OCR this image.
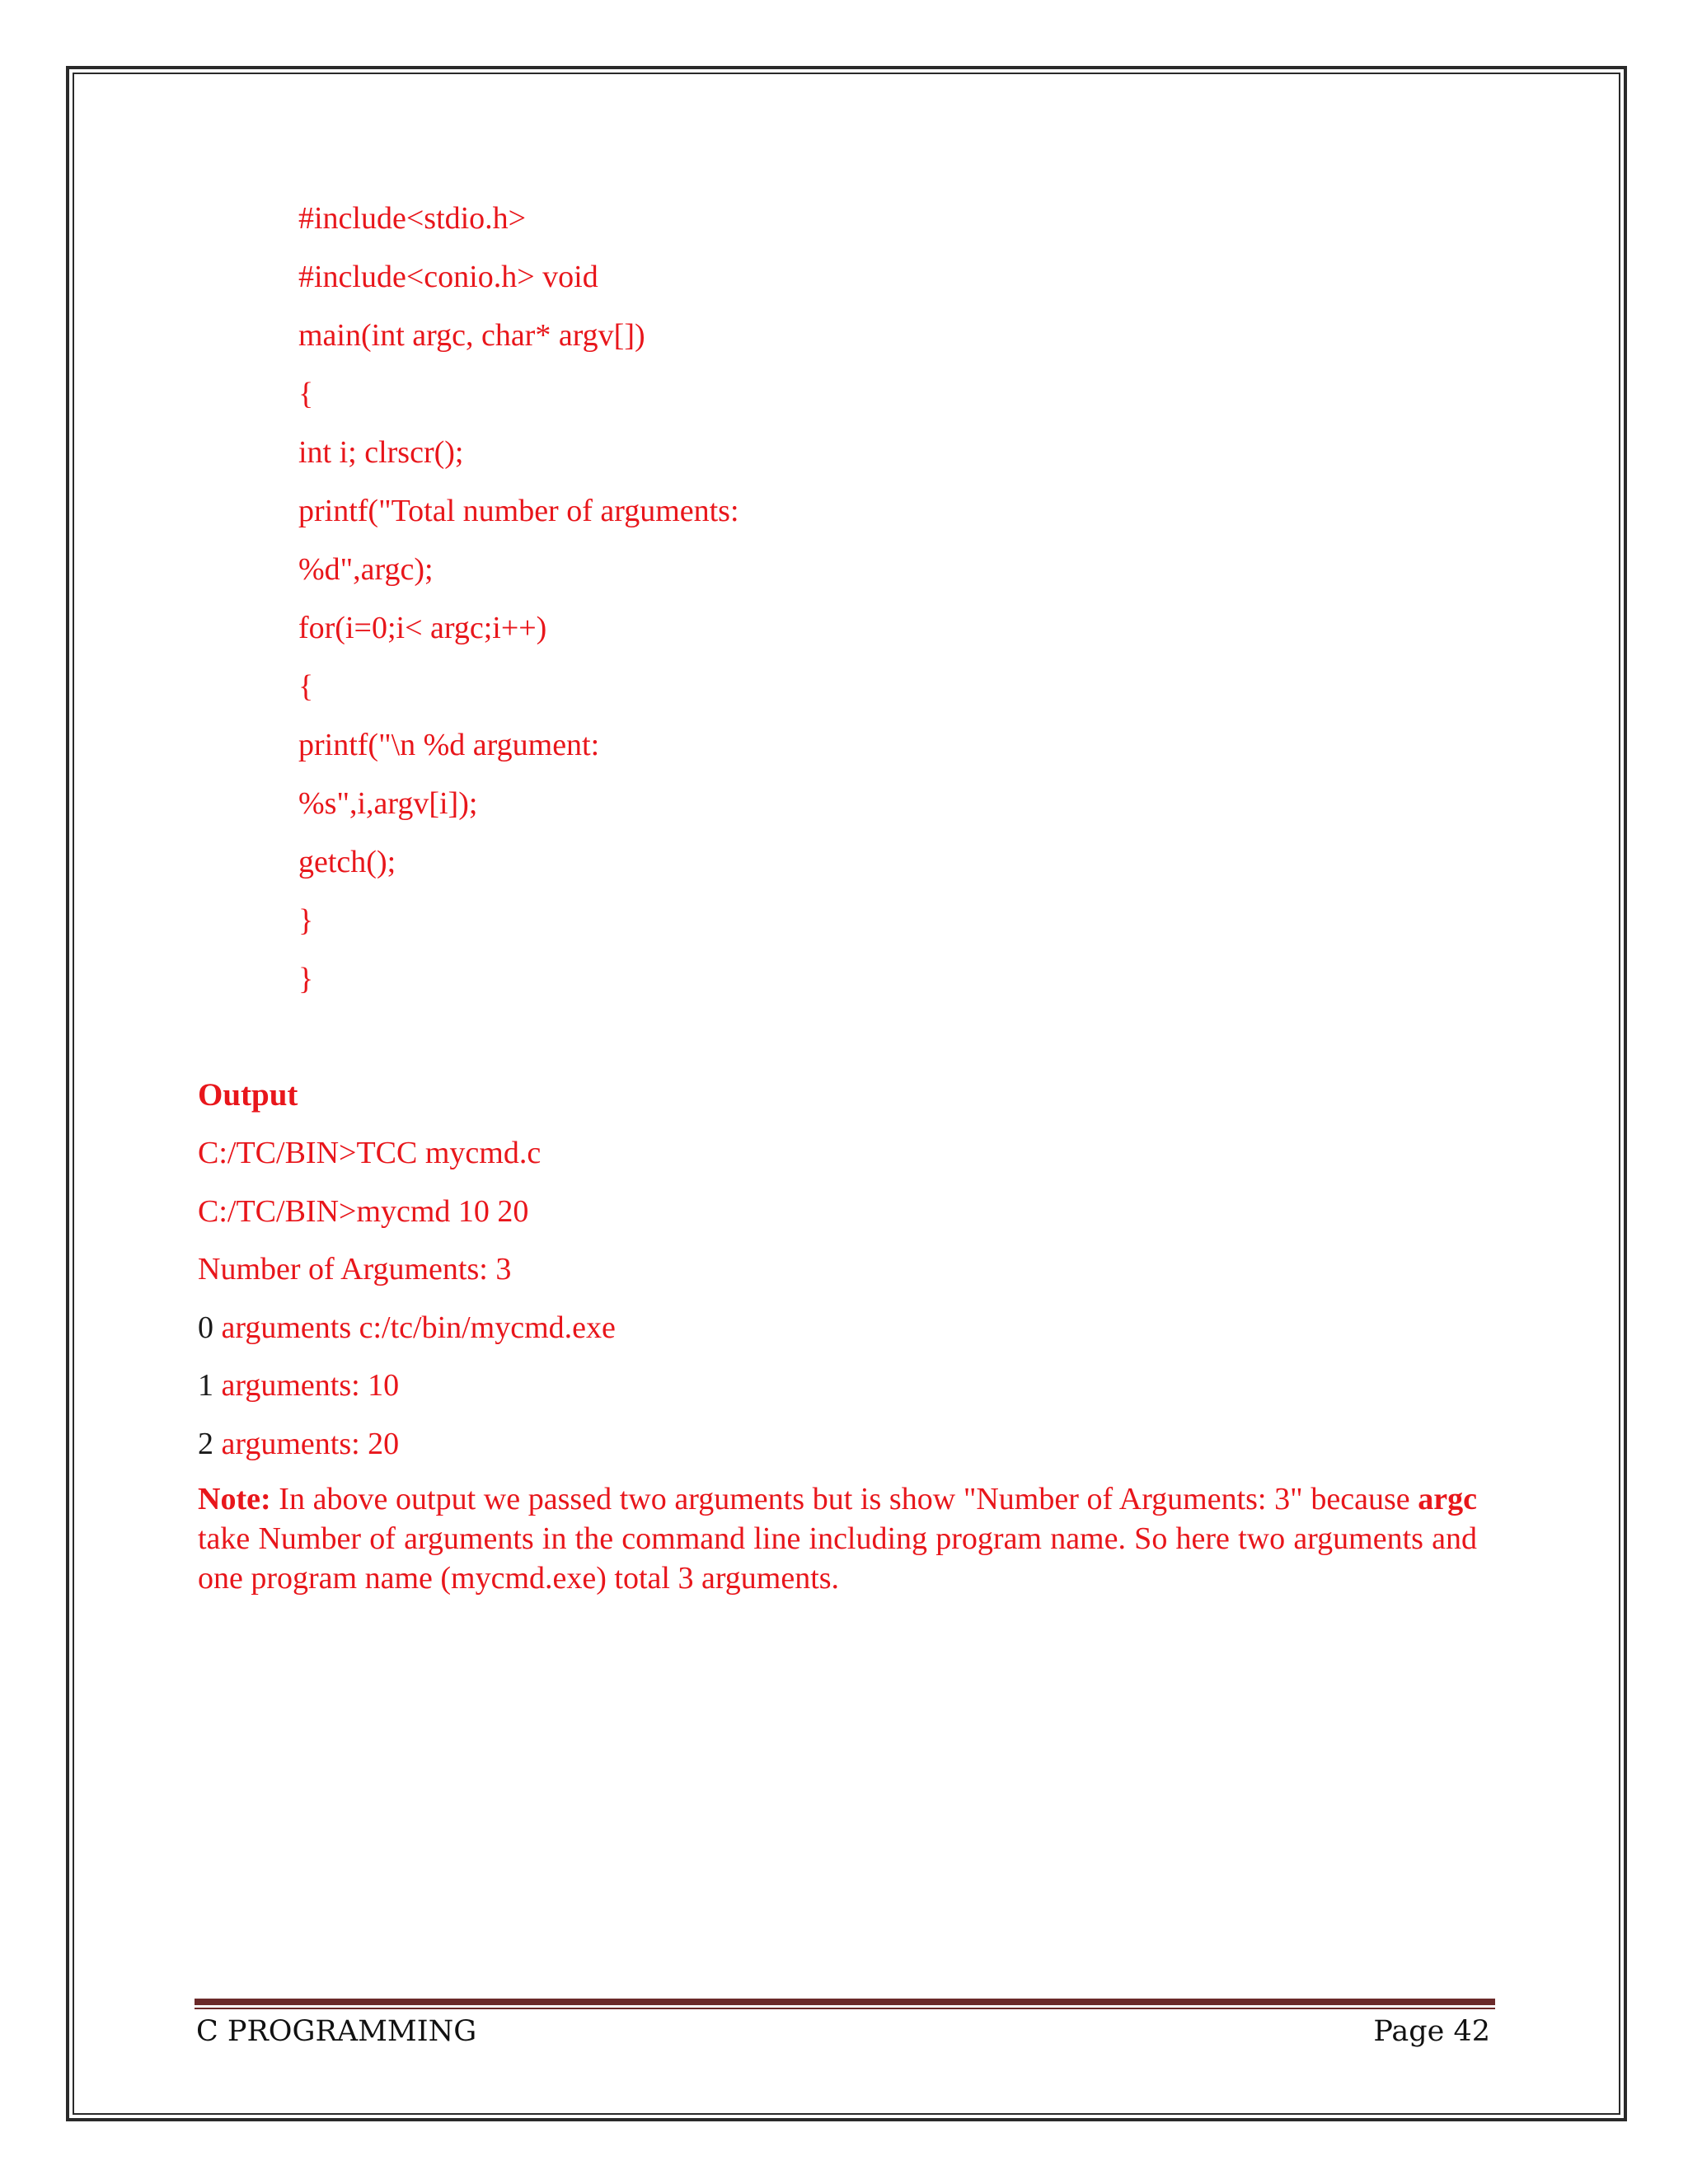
#include<stdio.h>
#include<conio.h> void
main(int argc, char* argv[])
{
int i; clrscr();
printf("Total number of arguments:
%d",argc);
for(i=0;i< argc;i++)
{
printf("\n %d argument:
%s",i,argv[i]);
getch();
}
}
Output
C:/TC/BIN>TCC mycmd.c
C:/TC/BIN>mycmd 10 20
Number of Arguments: 3
0 arguments c:/tc/bin/mycmd.exe
1 arguments: 10
2 arguments: 20

Note: In above output we passed two arguments but is show "Number of Arguments: 3" because argc take Number of arguments in the command line including program name. So here two arguments and one program name (mycmd.exe) total 3 arguments.

C PROGRAMMING	Page 42
